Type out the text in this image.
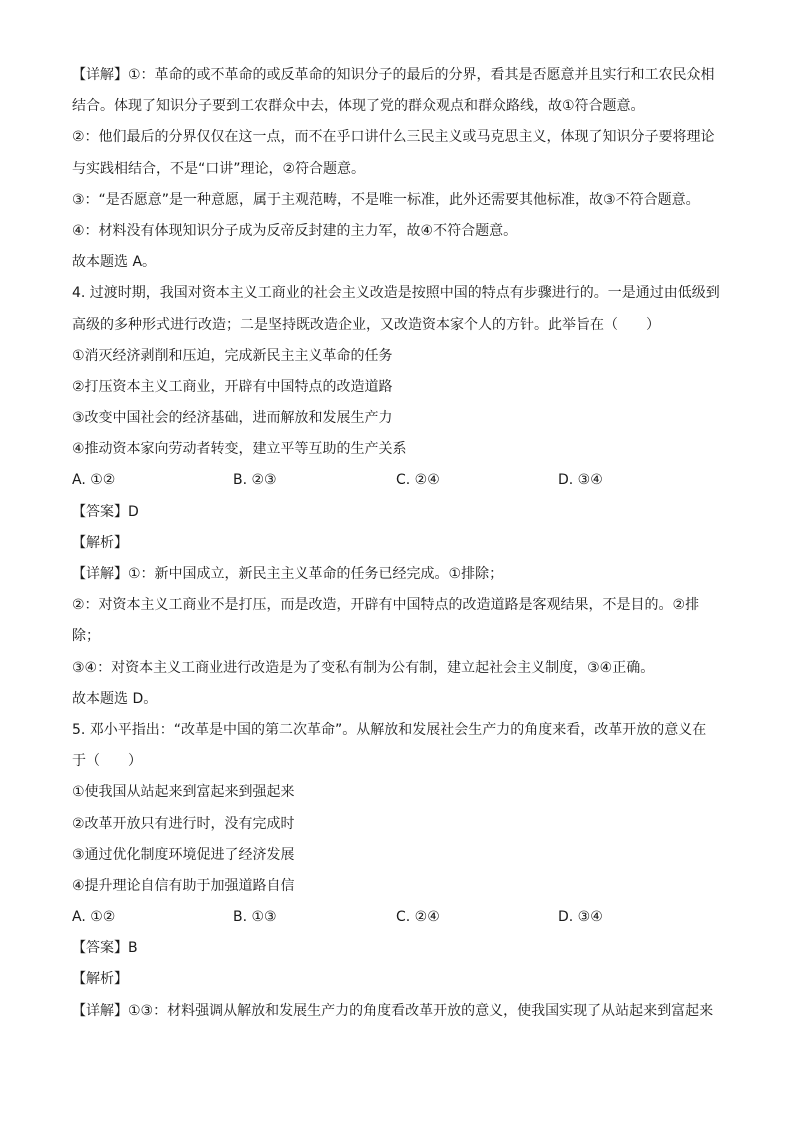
【详解】①：革命的或不革命的或反革命的知识分子的最后的分界，看其是否愿意并且实行和工农民众相
结合。体现了知识分子要到工农群众中去，体现了党的群众观点和群众路线，故①符合题意。
②：他们最后的分界仅仅在这一点，而不在乎口讲什么三民主义或马克思主义，体现了知识分子要将理论
与实践相结合，不是“口讲”理论，②符合题意。
③：“是否愿意”是一种意愿，属于主观范畴，不是唯一标准，此外还需要其他标准，故③不符合题意。
④：材料没有体现知识分子成为反帝反封建的主力军，故④不符合题意。
故本题选 A。
4. 过渡时期，我国对资本主义工商业的社会主义改造是按照中国的特点有步骤进行的。一是通过由低级到
高级的多种形式进行改造；二是坚持既改造企业，又改造资本家个人的方针。此举旨在（　　）
①消灭经济剥削和压迫，完成新民主主义革命的任务
②打压资本主义工商业，开辟有中国特点的改造道路
③改变中国社会的经济基础，进而解放和发展生产力
④推动资本家向劳动者转变，建立平等互助的生产关系
A. ①②	B. ②③	C. ②④	D. ③④
【答案】D
【解析】
【详解】①：新中国成立，新民主主义革命的任务已经完成。①排除；
②：对资本主义工商业不是打压，而是改造，开辟有中国特点的改造道路是客观结果，不是目的。②排
除；
③④：对资本主义工商业进行改造是为了变私有制为公有制，建立起社会主义制度，③④正确。
故本题选 D。
5. 邓小平指出：“改革是中国的第二次革命”。从解放和发展社会生产力的角度来看，改革开放的意义在
于（　　）
①使我国从站起来到富起来到强起来
②改革开放只有进行时，没有完成时
③通过优化制度环境促进了经济发展
④提升理论自信有助于加强道路自信
A. ①②	B. ①③	C. ②④	D. ③④
【答案】B
【解析】
【详解】①③：材料强调从解放和发展生产力的角度看改革开放的意义，使我国实现了从站起来到富起来
